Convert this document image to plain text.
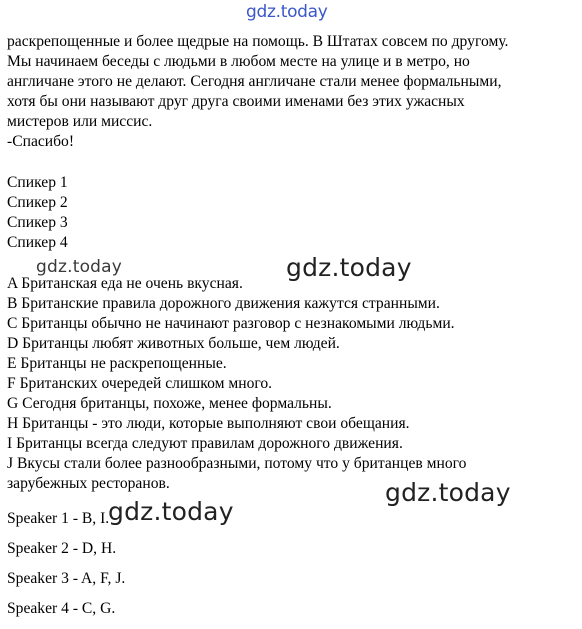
gdz.today
gdz.today	gdz.today
gdz.today
раскрепощенные и более щедрые на помощь. В Штатах совсем по другому.
Мы начинаем беседы с людьми в любом месте на улице и в метро, но
англичане этого не делают. Сегодня англичане стали менее формальными,
хотя бы они называют друг друга своими именами без этих ужасных
мистеров или миссис.
-Спасибо!
Спикер 1
Спикер 2
Спикер 3
Спикер 4
A Британская еда не очень вкусная.
B Британские правила дорожного движения кажутся странными.
C Британцы обычно не начинают разговор с незнакомыми людьми.
D Британцы любят животных больше, чем людей.
E Британцы не раскрепощенные.
F Британских очередей слишком много.
G Сегодня британцы, похоже, менее формальны.
H Британцы - это люди, которые выполняют свои обещания.
I Британцы всегда следуют правилам дорожного движения.
J Вкусы стали более разнообразными, потому что у британцев много
зарубежных ресторанов.
Speaker 1 - B, I.
Speaker 2 - D, H.
Speaker 3 - A, F, J.
Speaker 4 - C, G.
gdz.today
